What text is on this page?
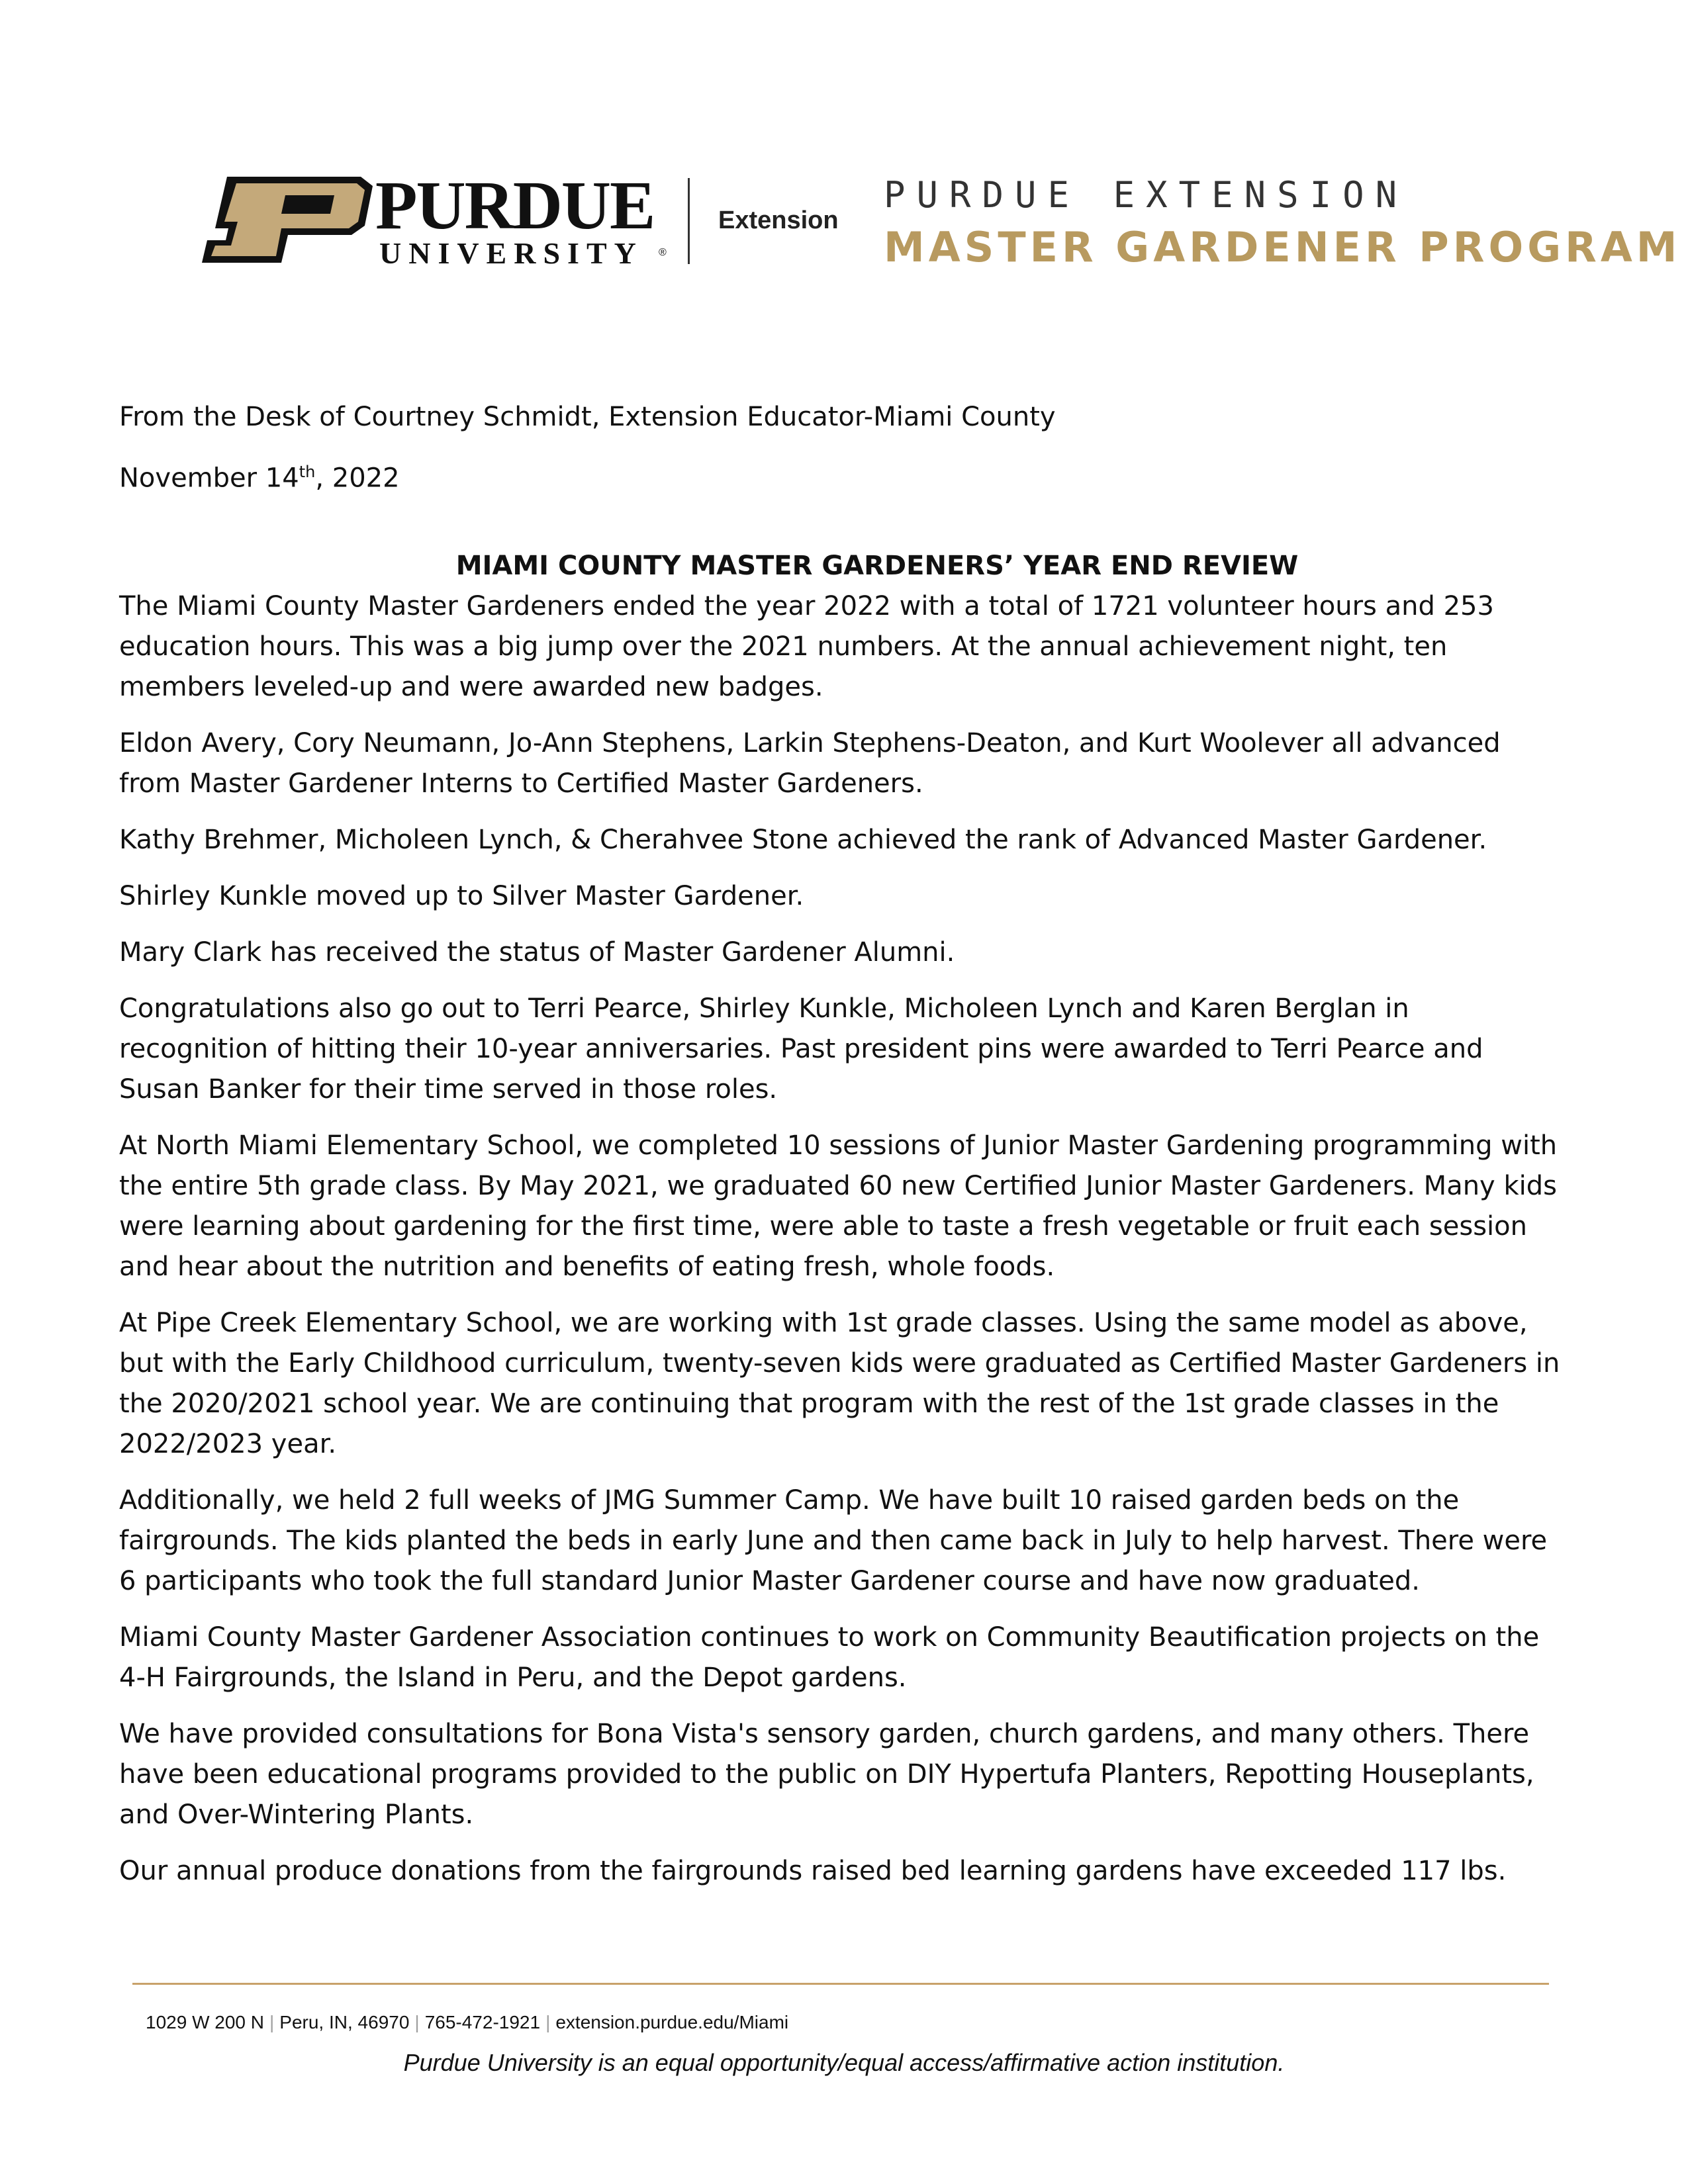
PURDUE
UNIVERSITY ®
Extension
PURDUE EXTENSION
MASTER GARDENER PROGRAM

From the Desk of Courtney Schmidt, Extension Educator-Miami County

November 14th, 2022

MIAMI COUNTY MASTER GARDENERS’ YEAR END REVIEW

The Miami County Master Gardeners ended the year 2022 with a total of 1721 volunteer hours and 253 education hours. This was a big jump over the 2021 numbers. At the annual achievement night, ten members leveled-up and were awarded new badges.

Eldon Avery, Cory Neumann, Jo-Ann Stephens, Larkin Stephens-Deaton, and Kurt Woolever all advanced from Master Gardener Interns to Certified Master Gardeners.

Kathy Brehmer, Micholeen Lynch, & Cherahvee Stone achieved the rank of Advanced Master Gardener.

Shirley Kunkle moved up to Silver Master Gardener.

Mary Clark has received the status of Master Gardener Alumni.

Congratulations also go out to Terri Pearce, Shirley Kunkle, Micholeen Lynch and Karen Berglan in recognition of hitting their 10-year anniversaries. Past president pins were awarded to Terri Pearce and Susan Banker for their time served in those roles.

At North Miami Elementary School, we completed 10 sessions of Junior Master Gardening programming with the entire 5th grade class. By May 2021, we graduated 60 new Certified Junior Master Gardeners. Many kids were learning about gardening for the first time, were able to taste a fresh vegetable or fruit each session and hear about the nutrition and benefits of eating fresh, whole foods.

At Pipe Creek Elementary School, we are working with 1st grade classes. Using the same model as above, but with the Early Childhood curriculum, twenty-seven kids were graduated as Certified Master Gardeners in the 2020/2021 school year. We are continuing that program with the rest of the 1st grade classes in the 2022/2023 year.

Additionally, we held 2 full weeks of JMG Summer Camp. We have built 10 raised garden beds on the fairgrounds. The kids planted the beds in early June and then came back in July to help harvest. There were 6 participants who took the full standard Junior Master Gardener course and have now graduated.

Miami County Master Gardener Association continues to work on Community Beautification projects on the 4-H Fairgrounds, the Island in Peru, and the Depot gardens.

We have provided consultations for Bona Vista's sensory garden, church gardens, and many others. There have been educational programs provided to the public on DIY Hypertufa Planters, Repotting Houseplants, and Over-Wintering Plants.

Our annual produce donations from the fairgrounds raised bed learning gardens have exceeded 117 lbs.

1029 W 200 N | Peru, IN, 46970 | 765-472-1921 | extension.purdue.edu/Miami
Purdue University is an equal opportunity/equal access/affirmative action institution.
